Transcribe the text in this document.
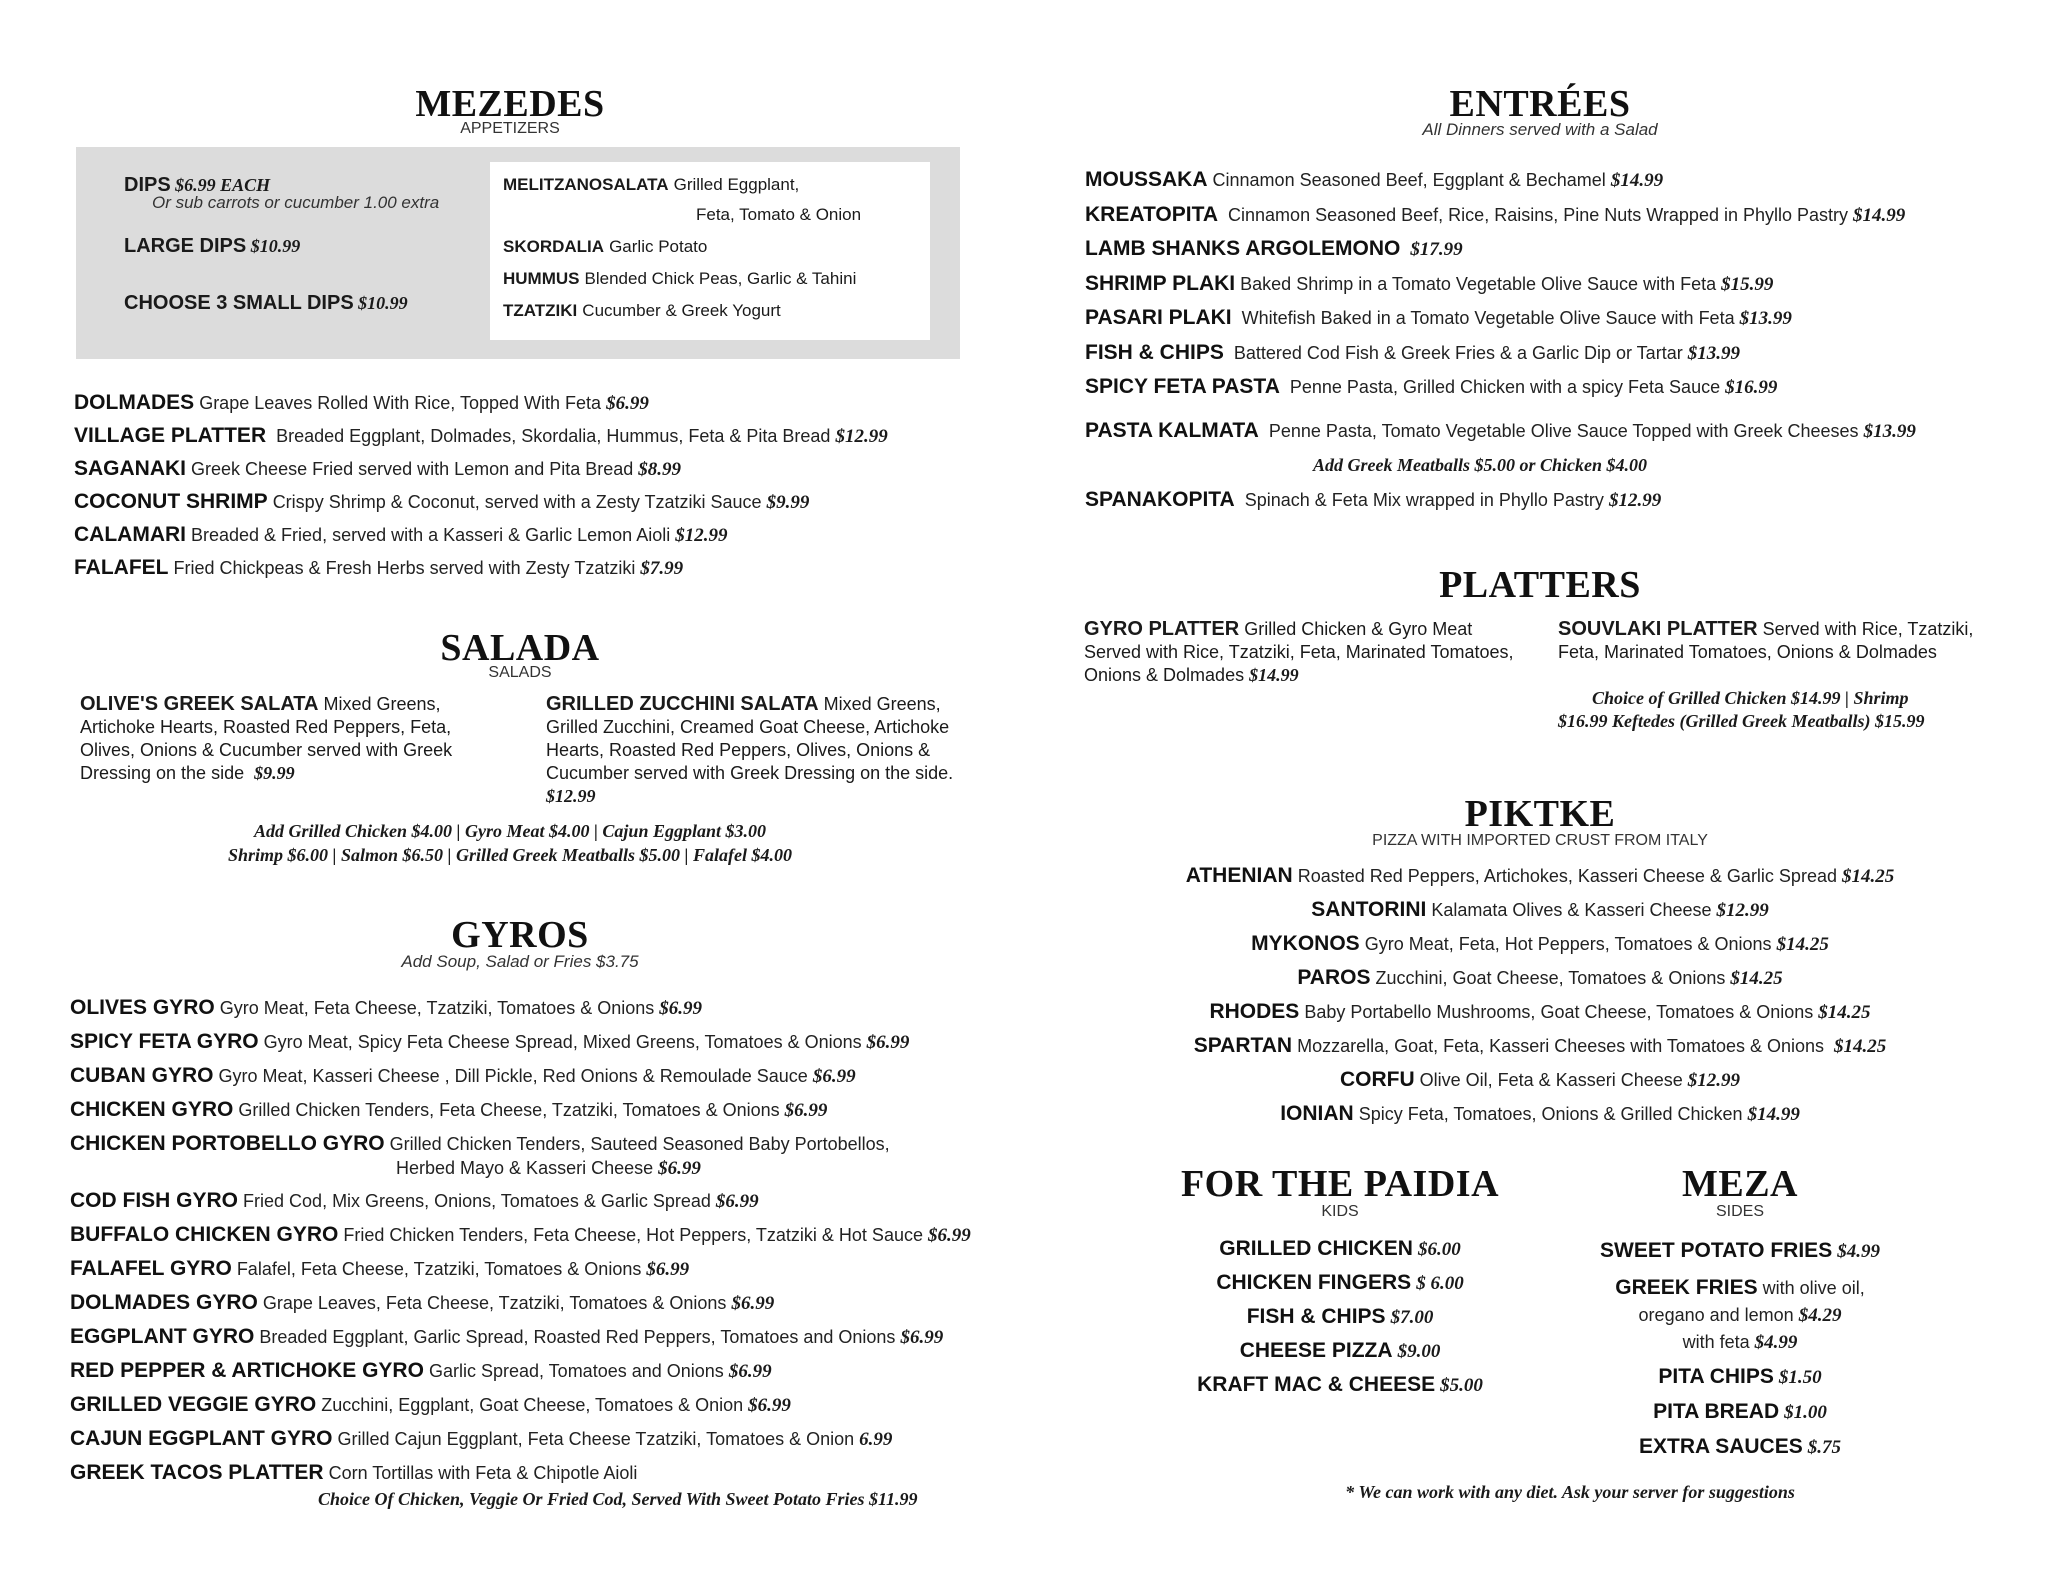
MEZEDES
APPETIZERS
DIPS $6.99 EACH
Or sub carrots or cucumber 1.00 extra
LARGE DIPS $10.99
CHOOSE 3 SMALL DIPS $10.99
MELITZANOSALATA Grilled Eggplant,
Feta, Tomato & Onion
SKORDALIA Garlic Potato
HUMMUS Blended Chick Peas, Garlic & Tahini
TZATZIKI Cucumber & Greek Yogurt
DOLMADES Grape Leaves Rolled With Rice, Topped With Feta $6.99
VILLAGE PLATTER Breaded Eggplant, Dolmades, Skordalia, Hummus, Feta & Pita Bread $12.99
SAGANAKI Greek Cheese Fried served with Lemon and Pita Bread $8.99
COCONUT SHRIMP Crispy Shrimp & Coconut, served with a Zesty Tzatziki Sauce $9.99
CALAMARI Breaded & Fried, served with a Kasseri & Garlic Lemon Aioli $12.99
FALAFEL Fried Chickpeas & Fresh Herbs served with Zesty Tzatziki $7.99
SALADA
SALADS
OLIVE'S GREEK SALATA Mixed Greens, Artichoke Hearts, Roasted Red Peppers, Feta, Olives, Onions & Cucumber served with Greek Dressing on the side $9.99
GRILLED ZUCCHINI SALATA Mixed Greens, Grilled Zucchini, Creamed Goat Cheese, Artichoke Hearts, Roasted Red Peppers, Olives, Onions & Cucumber served with Greek Dressing on the side. $12.99
Add Grilled Chicken $4.00 | Gyro Meat $4.00 | Cajun Eggplant $3.00
Shrimp $6.00 | Salmon $6.50 | Grilled Greek Meatballs $5.00 | Falafel $4.00
GYROS
Add Soup, Salad or Fries $3.75
OLIVES GYRO Gyro Meat, Feta Cheese, Tzatziki, Tomatoes & Onions $6.99
SPICY FETA GYRO Gyro Meat, Spicy Feta Cheese Spread, Mixed Greens, Tomatoes & Onions $6.99
CUBAN GYRO Gyro Meat, Kasseri Cheese , Dill Pickle, Red Onions & Remoulade Sauce $6.99
CHICKEN GYRO Grilled Chicken Tenders, Feta Cheese, Tzatziki, Tomatoes & Onions $6.99
CHICKEN PORTOBELLO GYRO Grilled Chicken Tenders, Sauteed Seasoned Baby Portobellos,
Herbed Mayo & Kasseri Cheese $6.99
COD FISH GYRO Fried Cod, Mix Greens, Onions, Tomatoes & Garlic Spread $6.99
BUFFALO CHICKEN GYRO Fried Chicken Tenders, Feta Cheese, Hot Peppers, Tzatziki & Hot Sauce $6.99
FALAFEL GYRO Falafel, Feta Cheese, Tzatziki, Tomatoes & Onions $6.99
DOLMADES GYRO Grape Leaves, Feta Cheese, Tzatziki, Tomatoes & Onions $6.99
EGGPLANT GYRO Breaded Eggplant, Garlic Spread, Roasted Red Peppers, Tomatoes and Onions $6.99
RED PEPPER & ARTICHOKE GYRO Garlic Spread, Tomatoes and Onions $6.99
GRILLED VEGGIE GYRO Zucchini, Eggplant, Goat Cheese, Tomatoes & Onion $6.99
CAJUN EGGPLANT GYRO Grilled Cajun Eggplant, Feta Cheese Tzatziki, Tomatoes & Onion 6.99
GREEK TACOS PLATTER Corn Tortillas with Feta & Chipotle Aioli
Choice Of Chicken, Veggie Or Fried Cod, Served With Sweet Potato Fries $11.99
ENTRÉES
All Dinners served with a Salad
MOUSSAKA Cinnamon Seasoned Beef, Eggplant & Bechamel $14.99
KREATOPITA Cinnamon Seasoned Beef, Rice, Raisins, Pine Nuts Wrapped in Phyllo Pastry $14.99
LAMB SHANKS ARGOLEMONO $17.99
SHRIMP PLAKI Baked Shrimp in a Tomato Vegetable Olive Sauce with Feta $15.99
PASARI PLAKI Whitefish Baked in a Tomato Vegetable Olive Sauce with Feta $13.99
FISH & CHIPS Battered Cod Fish & Greek Fries & a Garlic Dip or Tartar $13.99
SPICY FETA PASTA Penne Pasta, Grilled Chicken with a spicy Feta Sauce $16.99
PASTA KALMATA Penne Pasta, Tomato Vegetable Olive Sauce Topped with Greek Cheeses $13.99
Add Greek Meatballs $5.00 or Chicken $4.00
SPANAKOPITA Spinach & Feta Mix wrapped in Phyllo Pastry $12.99
PLATTERS
GYRO PLATTER Grilled Chicken & Gyro Meat Served with Rice, Tzatziki, Feta, Marinated Tomatoes, Onions & Dolmades $14.99
SOUVLAKI PLATTER Served with Rice, Tzatziki, Feta, Marinated Tomatoes, Onions & Dolmades
Choice of Grilled Chicken $14.99 | Shrimp
$16.99 Keftedes (Grilled Greek Meatballs) $15.99
PIKTKE
PIZZA WITH IMPORTED CRUST FROM ITALY
ATHENIAN Roasted Red Peppers, Artichokes, Kasseri Cheese & Garlic Spread $14.25
SANTORINI Kalamata Olives & Kasseri Cheese $12.99
MYKONOS Gyro Meat, Feta, Hot Peppers, Tomatoes & Onions $14.25
PAROS Zucchini, Goat Cheese, Tomatoes & Onions $14.25
RHODES Baby Portabello Mushrooms, Goat Cheese, Tomatoes & Onions $14.25
SPARTAN Mozzarella, Goat, Feta, Kasseri Cheeses with Tomatoes & Onions $14.25
CORFU Olive Oil, Feta & Kasseri Cheese $12.99
IONIAN Spicy Feta, Tomatoes, Onions & Grilled Chicken $14.99
FOR THE PAIDIA
KIDS
GRILLED CHICKEN $6.00
CHICKEN FINGERS $ 6.00
FISH & CHIPS $7.00
CHEESE PIZZA $9.00
KRAFT MAC & CHEESE $5.00
MEZA
SIDES
SWEET POTATO FRIES $4.99
GREEK FRIES with olive oil,
oregano and lemon $4.29
with feta $4.99
PITA CHIPS $1.50
PITA BREAD $1.00
EXTRA SAUCES $.75
* We can work with any diet. Ask your server for suggestions
